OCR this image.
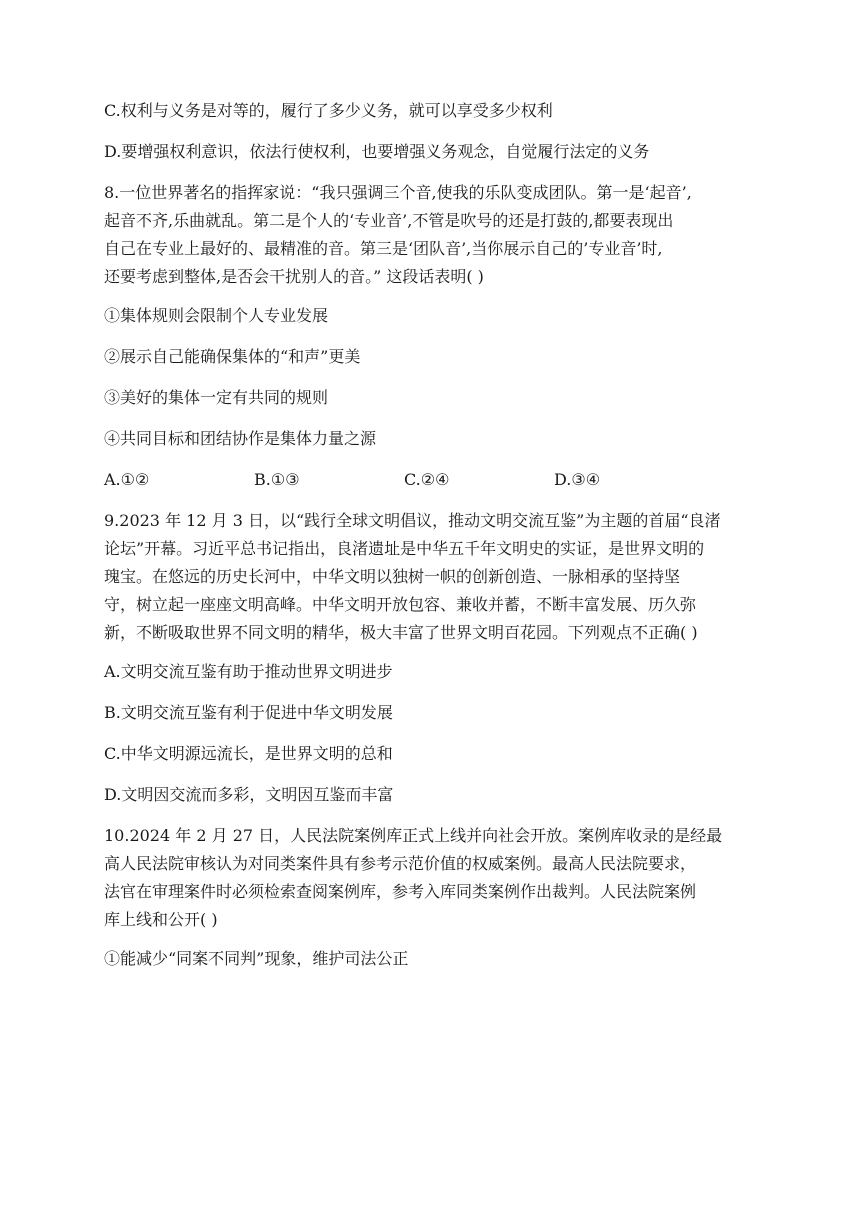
C.权利与义务是对等的，履行了多少义务，就可以享受多少权利

D.要增强权利意识，依法行使权利，也要增强义务观念，自觉履行法定的义务

8.一位世界著名的指挥家说：“我只强调三个音,使我的乐队变成团队。第一是‘起音’,

起音不齐,乐曲就乱。第二是个人的‘专业音’,不管是吹号的还是打鼓的,都要表现出

自己在专业上最好的、最精准的音。第三是‘团队音’,当你展示自己的’专业音’时,

还要考虑到整体,是否会干扰别人的音。” 这段话表明( )

①集体规则会限制个人专业发展

②展示自己能确保集体的“和声”更美

③美好的集体一定有共同的规则

④共同目标和团结协作是集体力量之源

A.①②	B.①③	C.②④	D.③④

9.2023 年 12 月 3 日，以“践行全球文明倡议，推动文明交流互鉴”为主题的首届“良渚

论坛”开幕。习近平总书记指出，良渚遗址是中华五千年文明史的实证，是世界文明的

瑰宝。在悠远的历史长河中，中华文明以独树一帜的创新创造、一脉相承的坚持坚

守，树立起一座座文明高峰。中华文明开放包容、兼收并蓄，不断丰富发展、历久弥

新，不断吸取世界不同文明的精华，极大丰富了世界文明百花园。下列观点不正确( )

A.文明交流互鉴有助于推动世界文明进步

B.文明交流互鉴有利于促进中华文明发展

C.中华文明源远流长，是世界文明的总和

D.文明因交流而多彩，文明因互鉴而丰富

10.2024 年 2 月 27 日，人民法院案例库正式上线并向社会开放。案例库收录的是经最

高人民法院审核认为对同类案件具有参考示范价值的权威案例。最高人民法院要求，

法官在审理案件时必须检索查阅案例库，参考入库同类案例作出裁判。人民法院案例

库上线和公开( )

①能减少“同案不同判”现象，维护司法公正
